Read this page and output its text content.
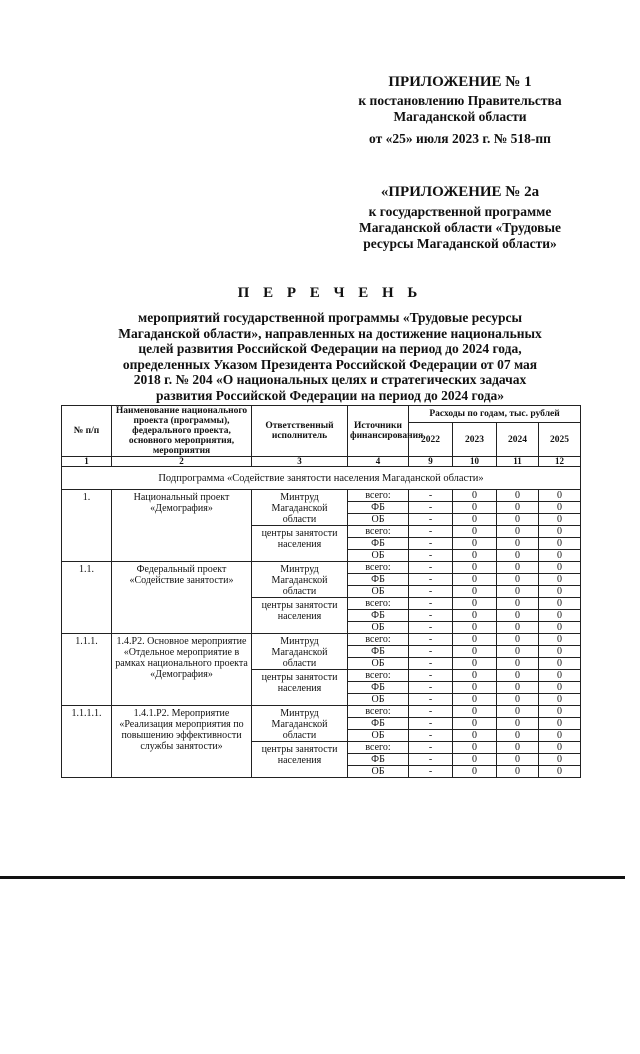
ПРИЛОЖЕНИЕ № 1
к постановлению Правительства
Магаданской области
от «25» июля 2023 г. № 518-пп
«ПРИЛОЖЕНИЕ № 2а
к государственной программе
Магаданской области «Трудовые
ресурсы Магаданской области»
П Е Р Е Ч Е Н Ь
мероприятий государственной программы «Трудовые ресурсы
Магаданской области», направленных на достижение национальных
целей развития Российской Федерации на период до 2024 года,
определенных Указом Президента Российской Федерации от 07 мая
2018 г. № 204 «О национальных целях и стратегических задачах
развития Российской Федерации на период до 2024 года»
№ п/п	Наименование национального проекта (программы), федерального проекта, основного мероприятия, мероприятия	Ответственный исполнитель	Источники финансирования	Расходы по годам, тыс. рублей			
				2022	2023	2024	2025
1	2	3	4	9	10	11	12
Подпрограмма «Содействие занятости населения Магаданской области»							
1.	Национальный проект «Демография»	Минтруд Магаданской области	всего:	-	0	0	0
			ФБ	-	0	0	0
			ОБ	-	0	0	0
		центры занятости населения	всего:	-	0	0	0
			ФБ	-	0	0	0
			ОБ	-	0	0	0
1.1.	Федеральный проект «Содействие занятости»	Минтруд Магаданской области	всего:	-	0	0	0
			ФБ	-	0	0	0
			ОБ	-	0	0	0
		центры занятости населения	всего:	-	0	0	0
			ФБ	-	0	0	0
			ОБ	-	0	0	0
1.1.1.	1.4.Р2. Основное мероприятие «Отдельное мероприятие в рамках национального проекта «Демография»	Минтруд Магаданской области	всего:	-	0	0	0
			ФБ	-	0	0	0
			ОБ	-	0	0	0
		центры занятости населения	всего:	-	0	0	0
			ФБ	-	0	0	0
			ОБ	-	0	0	0
1.1.1.1.	1.4.1.Р2. Мероприятие «Реализация мероприятия по повышению эффективности службы занятости»	Минтруд Магаданской области	всего:	-	0	0	0
			ФБ	-	0	0	0
			ОБ	-	0	0	0
		центры занятости населения	всего:	-	0	0	0
			ФБ	-	0	0	0
			ОБ	-	0	0	0
